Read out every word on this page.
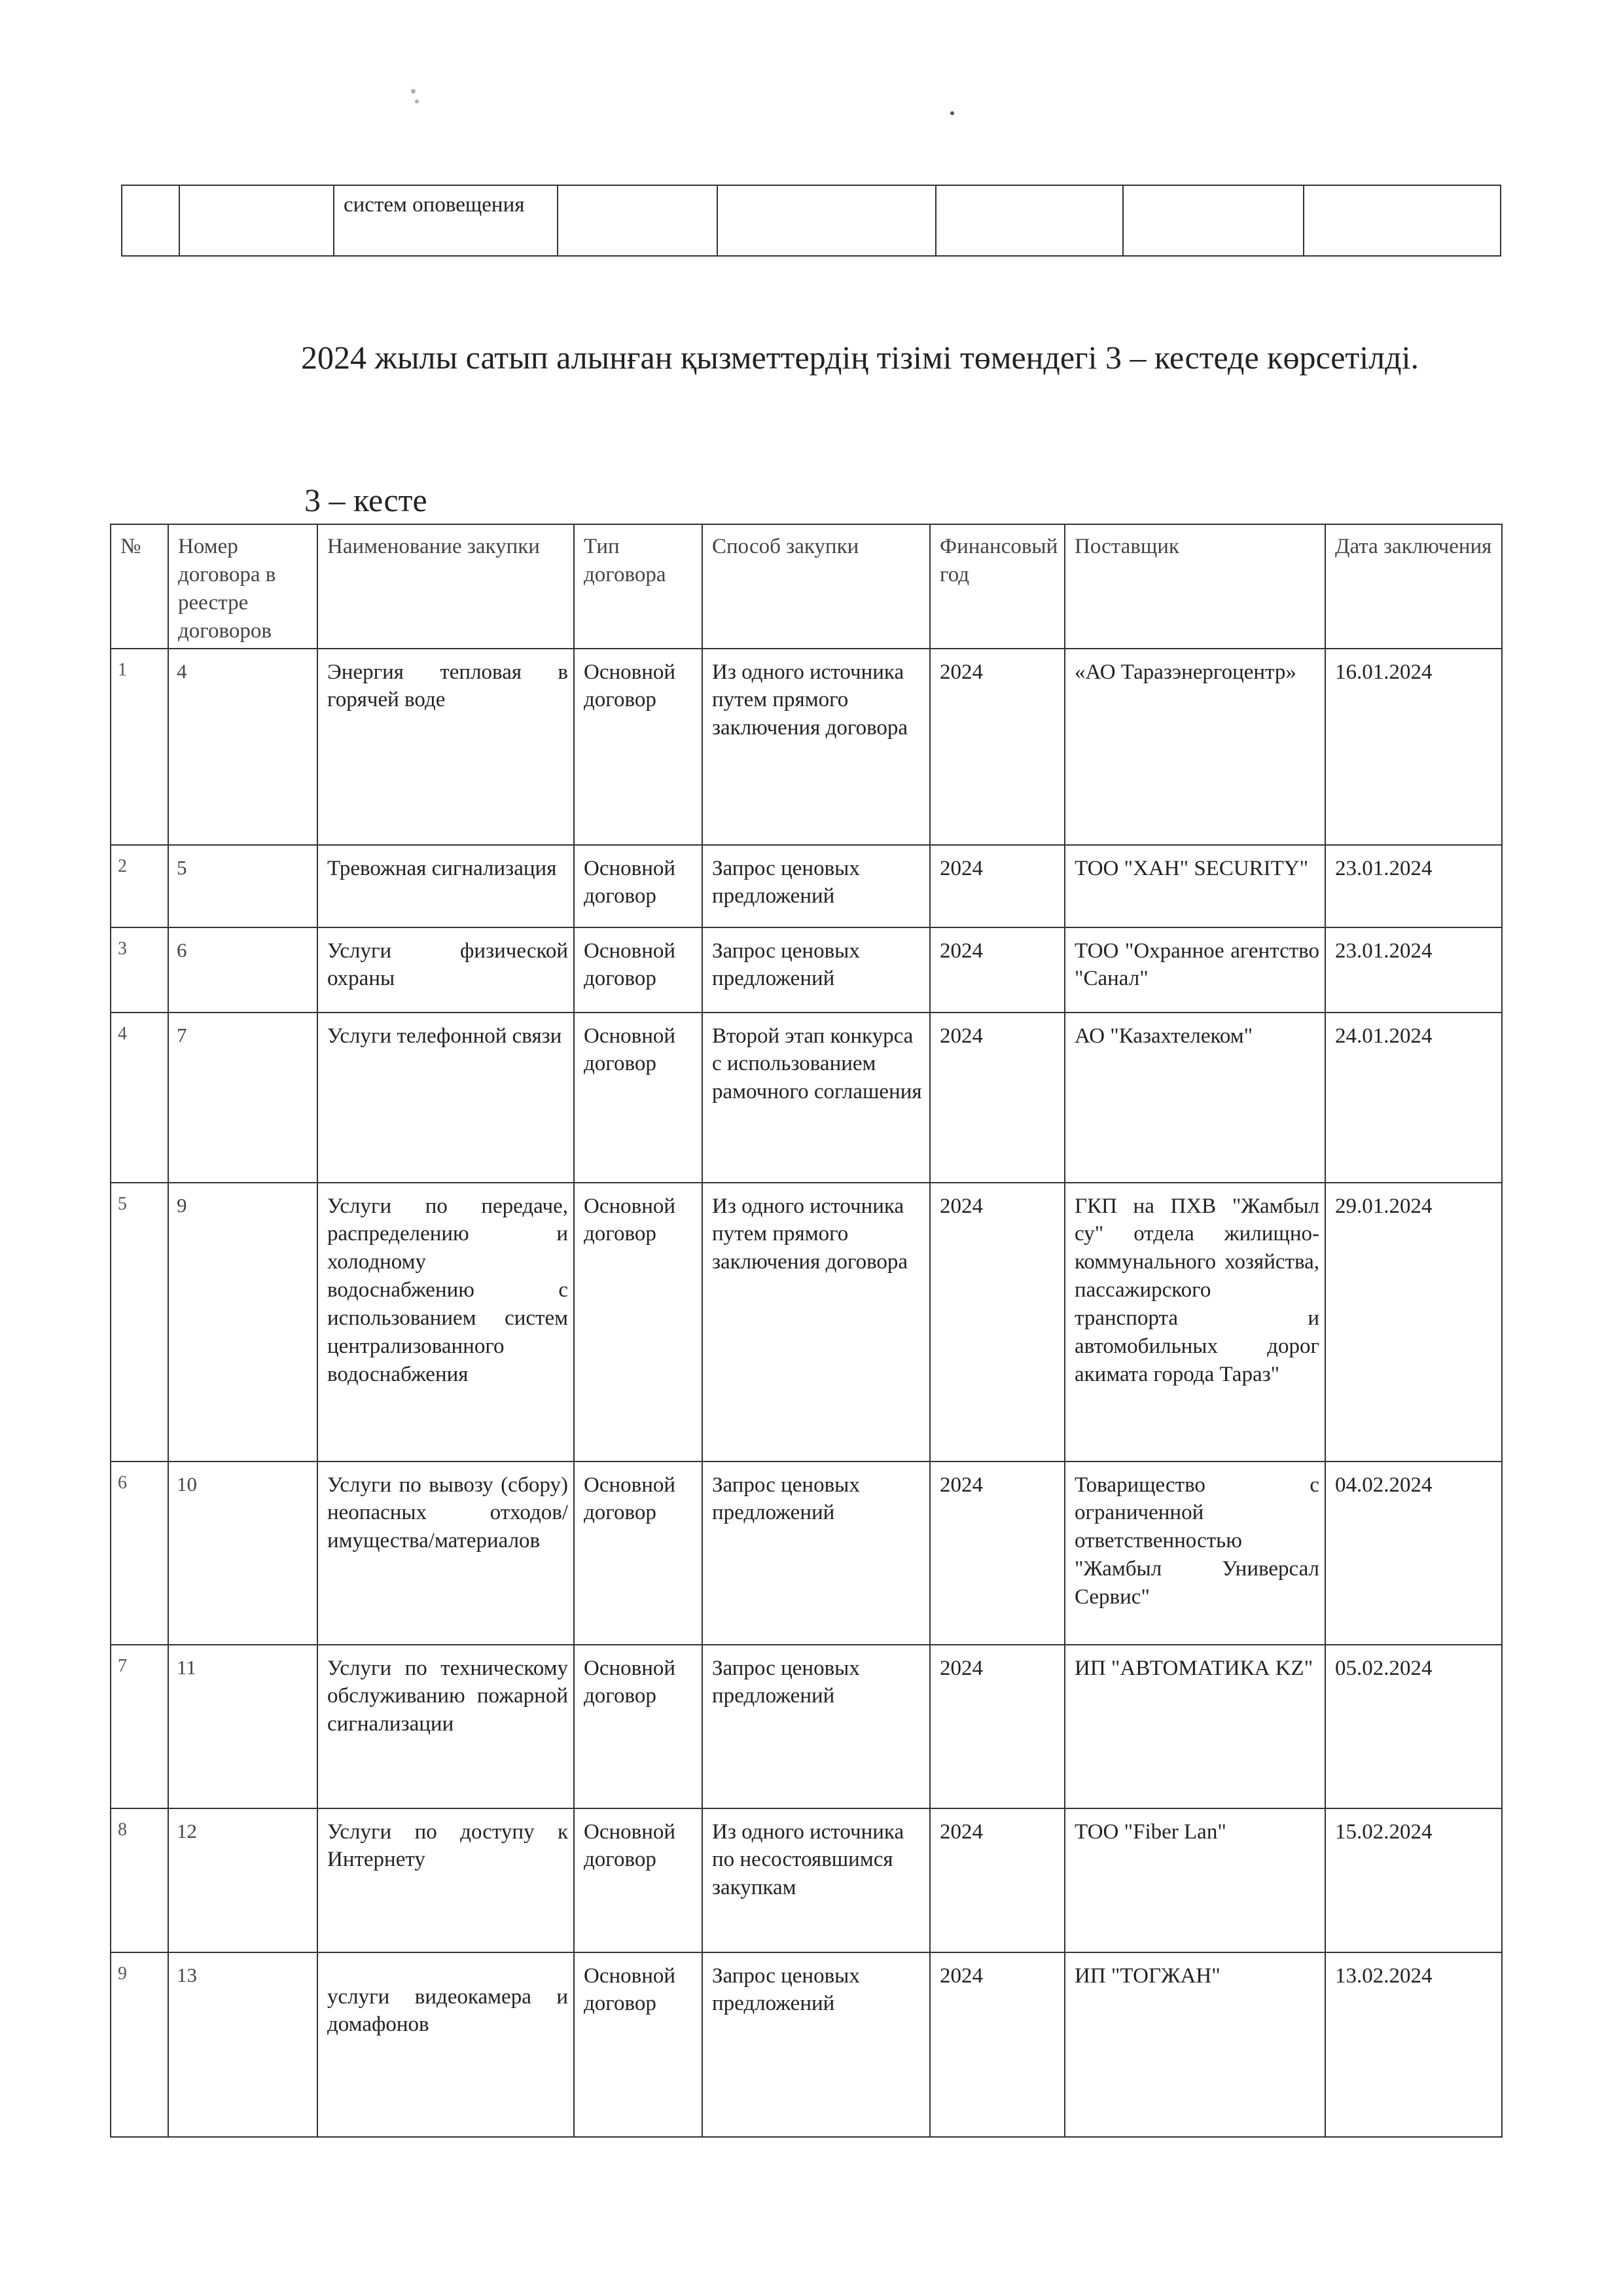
		систем оповещения					
2024 жылы сатып алынған қызметтердің тізімі төмендегі 3 – кестеде көрсетілді.
3 – кесте
№	Номер договора в реестре договоров	Наименование закупки	Тип договора	Способ закупки	Финансовый год	Поставщик	Дата заключения
1	4	Энергия тепловая в горячей воде	Основной договор	Из одного источника путем прямого заключения договора	2024	«АО Таразэнергоцентр»	16.01.2024
2	5	Тревожная сигнализация	Основной договор	Запрос ценовых предложений	2024	ТОО "ХАН" SECURITY"	23.01.2024
3	6	Услуги физической охраны	Основной договор	Запрос ценовых предложений	2024	ТОО "Охранное агентство "Санал"	23.01.2024
4	7	Услуги телефонной связи	Основной договор	Второй этап конкурса с использованием рамочного соглашения	2024	АО "Казахтелеком"	24.01.2024
5	9	Услуги по передаче, распределению и холодному водоснабжению с использованием систем централизованного водоснабжения	Основной договор	Из одного источника путем прямого заключения договора	2024	ГКП на ПХВ "Жамбыл су" отдела жилищно-коммунального хозяйства, пассажирского транспорта и автомобильных дорог акимата города Тараз"	29.01.2024
6	10	Услуги по вывозу (сбору) неопасных отходов/имущества/материалов	Основной договор	Запрос ценовых предложений	2024	Товарищество с ограниченной ответственностью "Жамбыл Универсал Сервис"	04.02.2024
7	11	Услуги по техническому обслуживанию пожарной сигнализации	Основной договор	Запрос ценовых предложений	2024	ИП "АВТОМАТИКА KZ"	05.02.2024
8	12	Услуги по доступу к Интернету	Основной договор	Из одного источника по несостоявшимся закупкам	2024	ТОО "Fiber Lan"	15.02.2024
9	13	услуги видеокамера и домафонов	Основной договор	Запрос ценовых предложений	2024	ИП "ТОГЖАН"	13.02.2024
